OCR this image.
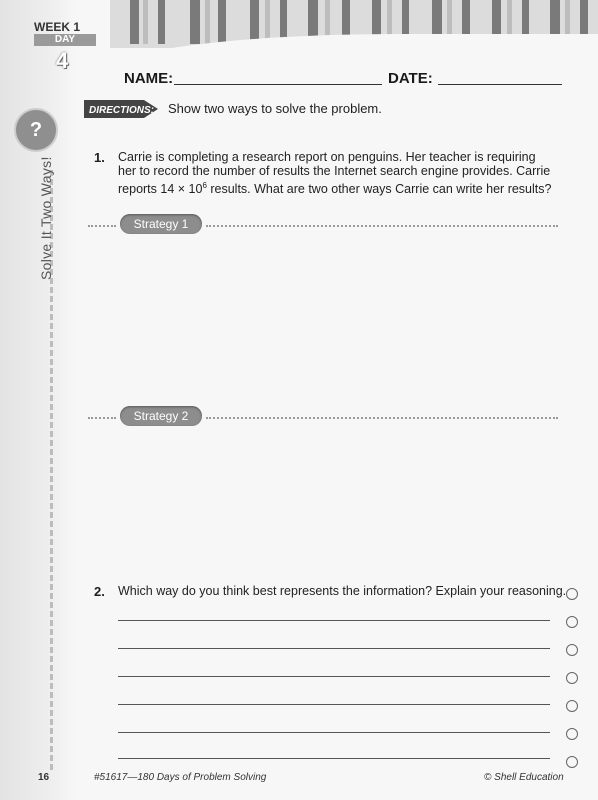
WEEK 1
DAY
4
?
Solve It Two Ways!
NAME:	DATE:
DIRECTIONS: Show two ways to solve the problem.
1. Carrie is completing a research report on penguins. Her teacher is requiring
her to record the number of results the Internet search engine provides. Carrie
reports $14 \times 10^6$ results. What are two other ways Carrie can write her results?
Strategy 1
Strategy 2
2. Which way do you think best represents the information? Explain your reasoning.
16	#51617—180 Days of Problem Solving	© Shell Education
